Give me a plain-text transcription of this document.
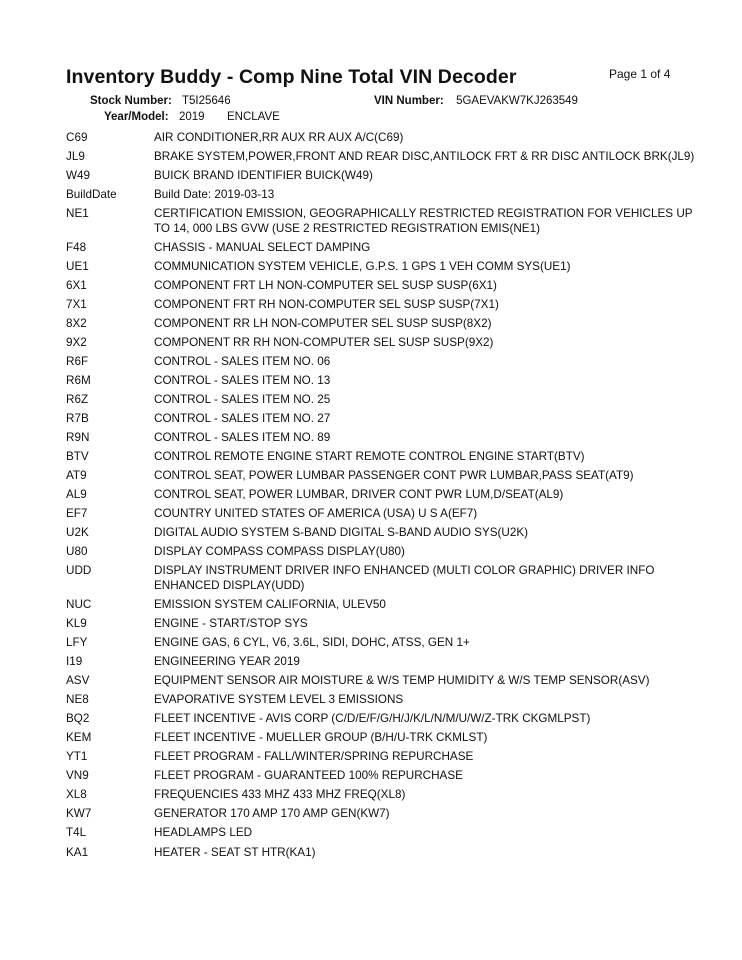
Inventory Buddy - Comp Nine Total VIN Decoder	Page 1 of 4
Stock Number: T5I25646	VIN Number: 5GAEVAKW7KJ263549
Year/Model: 2019 ENCLAVE
C69	AIR CONDITIONER,RR AUX RR AUX A/C(C69)
JL9	BRAKE SYSTEM,POWER,FRONT AND REAR DISC,ANTILOCK FRT & RR DISC ANTILOCK BRK(JL9)
W49	BUICK BRAND IDENTIFIER BUICK(W49)
BuildDate	Build Date: 2019-03-13
NE1	CERTIFICATION EMISSION, GEOGRAPHICALLY RESTRICTED REGISTRATION FOR VEHICLES UP TO 14, 000 LBS GVW (USE 2 RESTRICTED REGISTRATION EMIS(NE1)
F48	CHASSIS - MANUAL SELECT DAMPING
UE1	COMMUNICATION SYSTEM VEHICLE, G.P.S. 1 GPS 1 VEH COMM SYS(UE1)
6X1	COMPONENT FRT LH NON-COMPUTER SEL SUSP SUSP(6X1)
7X1	COMPONENT FRT RH NON-COMPUTER SEL SUSP SUSP(7X1)
8X2	COMPONENT RR LH NON-COMPUTER SEL SUSP SUSP(8X2)
9X2	COMPONENT RR RH NON-COMPUTER SEL SUSP SUSP(9X2)
R6F	CONTROL - SALES ITEM NO. 06
R6M	CONTROL - SALES ITEM NO. 13
R6Z	CONTROL - SALES ITEM NO. 25
R7B	CONTROL - SALES ITEM NO. 27
R9N	CONTROL - SALES ITEM NO. 89
BTV	CONTROL REMOTE ENGINE START REMOTE CONTROL ENGINE START(BTV)
AT9	CONTROL SEAT, POWER LUMBAR PASSENGER CONT PWR LUMBAR,PASS SEAT(AT9)
AL9	CONTROL SEAT, POWER LUMBAR, DRIVER CONT PWR LUM,D/SEAT(AL9)
EF7	COUNTRY UNITED STATES OF AMERICA (USA) U S A(EF7)
U2K	DIGITAL AUDIO SYSTEM S-BAND DIGITAL S-BAND AUDIO SYS(U2K)
U80	DISPLAY COMPASS COMPASS DISPLAY(U80)
UDD	DISPLAY INSTRUMENT DRIVER INFO ENHANCED (MULTI COLOR GRAPHIC) DRIVER INFO ENHANCED DISPLAY(UDD)
NUC	EMISSION SYSTEM CALIFORNIA, ULEV50
KL9	ENGINE - START/STOP SYS
LFY	ENGINE GAS, 6 CYL, V6, 3.6L, SIDI, DOHC, ATSS, GEN 1+
I19	ENGINEERING YEAR 2019
ASV	EQUIPMENT SENSOR AIR MOISTURE & W/S TEMP HUMIDITY & W/S TEMP SENSOR(ASV)
NE8	EVAPORATIVE SYSTEM LEVEL 3 EMISSIONS
BQ2	FLEET INCENTIVE - AVIS CORP (C/D/E/F/G/H/J/K/L/N/M/U/W/Z-TRK CKGMLPST)
KEM	FLEET INCENTIVE - MUELLER GROUP (B/H/U-TRK CKMLST)
YT1	FLEET PROGRAM - FALL/WINTER/SPRING REPURCHASE
VN9	FLEET PROGRAM - GUARANTEED 100% REPURCHASE
XL8	FREQUENCIES 433 MHZ 433 MHZ FREQ(XL8)
KW7	GENERATOR 170 AMP 170 AMP GEN(KW7)
T4L	HEADLAMPS LED
KA1	HEATER - SEAT ST HTR(KA1)
